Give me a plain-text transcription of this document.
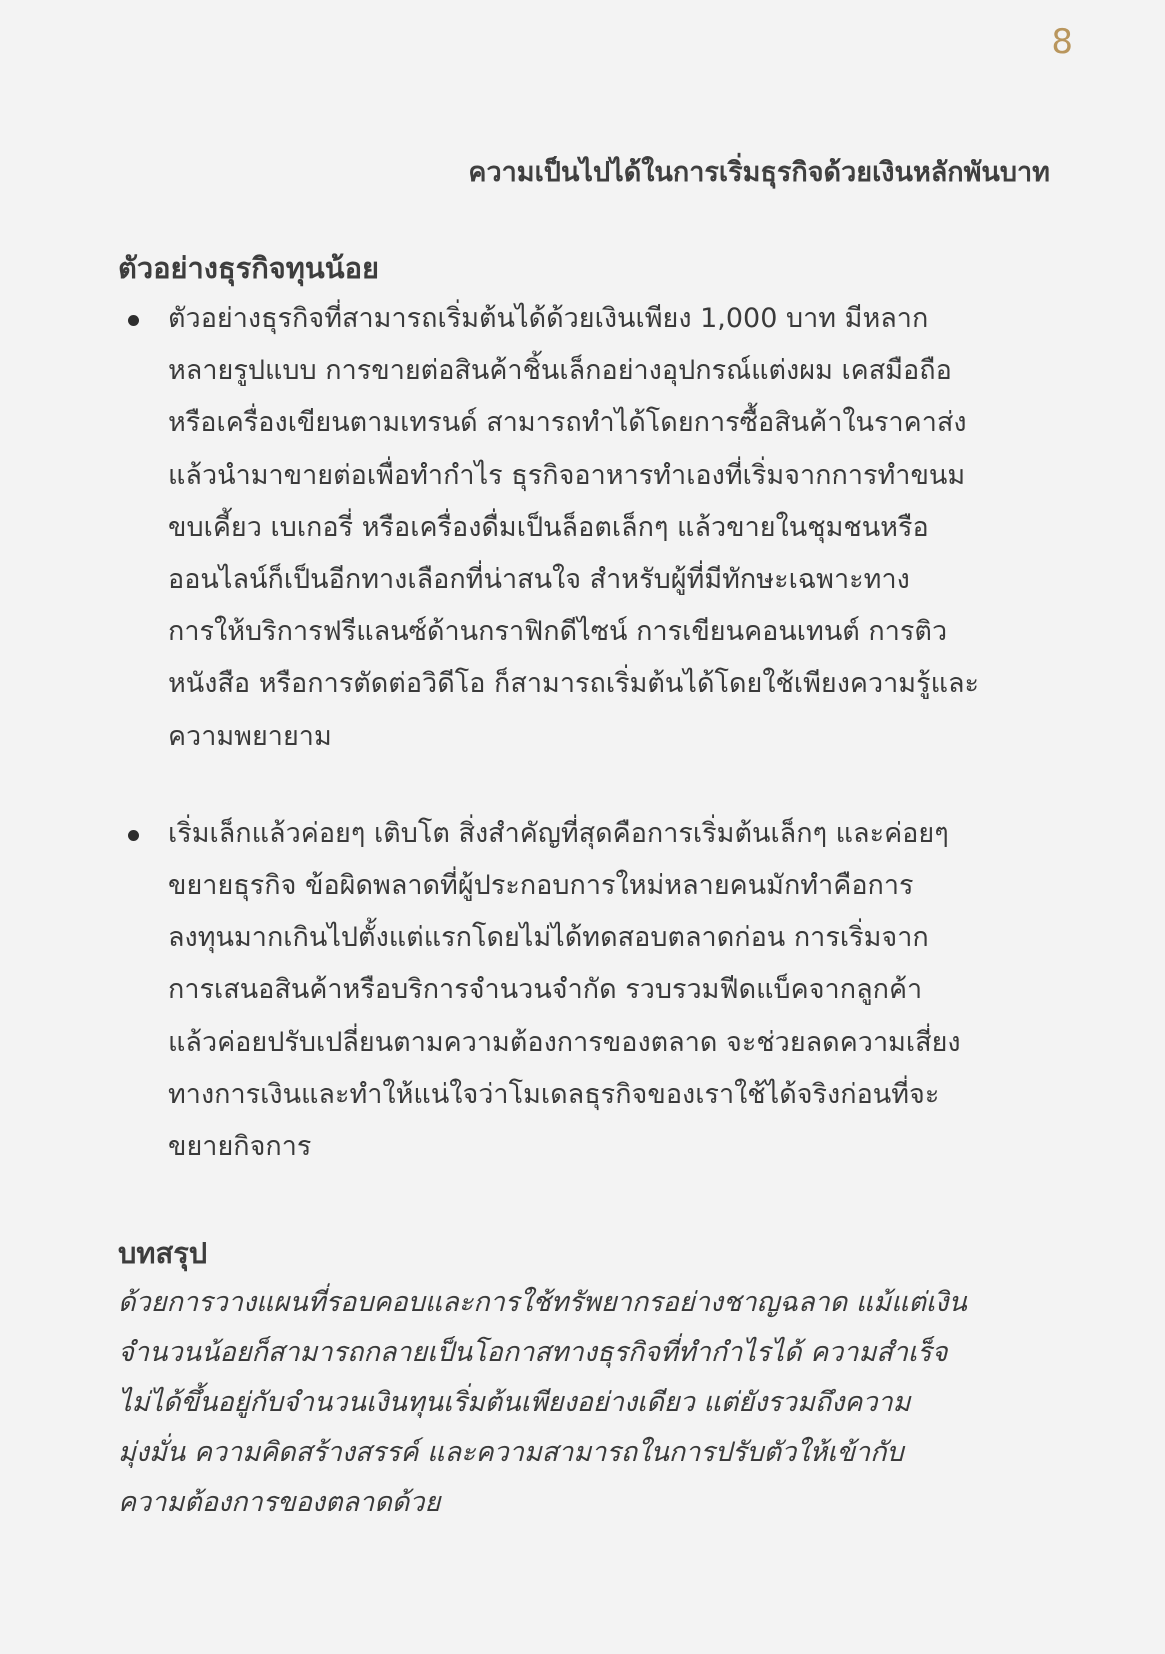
8
ความเป็นไปได้ในการเริ่มธุรกิจด้วยเงินหลักพันบาท
ตัวอย่างธุรกิจทุนน้อย
ตัวอย่างธุรกิจที่สามารถเริ่มต้นได้ด้วยเงินเพียง 1,000 บาท มีหลาก
หลายรูปแบบ การขายต่อสินค้าชิ้นเล็กอย่างอุปกรณ์แต่งผม เคสมือถือ
หรือเครื่องเขียนตามเทรนด์ สามารถทำได้โดยการซื้อสินค้าในราคาส่ง
แล้วนำมาขายต่อเพื่อทำกำไร ธุรกิจอาหารทำเองที่เริ่มจากการทำขนม
ขบเคี้ยว เบเกอรี่ หรือเครื่องดื่มเป็นล็อตเล็กๆ แล้วขายในชุมชนหรือ
ออนไลน์ก็เป็นอีกทางเลือกที่น่าสนใจ สำหรับผู้ที่มีทักษะเฉพาะทาง
การให้บริการฟรีแลนซ์ด้านกราฟิกดีไซน์ การเขียนคอนเทนต์ การติว
หนังสือ หรือการตัดต่อวิดีโอ ก็สามารถเริ่มต้นได้โดยใช้เพียงความรู้และ
ความพยายาม
เริ่มเล็กแล้วค่อยๆ เติบโต สิ่งสำคัญที่สุดคือการเริ่มต้นเล็กๆ และค่อยๆ
ขยายธุรกิจ ข้อผิดพลาดที่ผู้ประกอบการใหม่หลายคนมักทำคือการ
ลงทุนมากเกินไปตั้งแต่แรกโดยไม่ได้ทดสอบตลาดก่อน การเริ่มจาก
การเสนอสินค้าหรือบริการจำนวนจำกัด รวบรวมฟีดแบ็คจากลูกค้า
แล้วค่อยปรับเปลี่ยนตามความต้องการของตลาด จะช่วยลดความเสี่ยง
ทางการเงินและทำให้แน่ใจว่าโมเดลธุรกิจของเราใช้ได้จริงก่อนที่จะ
ขยายกิจการ
บทสรุป

ด้วยการวางแผนที่รอบคอบและการใช้ทรัพยากรอย่างชาญฉลาด แม้แต่เงิน
จำนวนน้อยก็สามารถกลายเป็นโอกาสทางธุรกิจที่ทำกำไรได้ ความสำเร็จ
ไม่ได้ขึ้นอยู่กับจำนวนเงินทุนเริ่มต้นเพียงอย่างเดียว แต่ยังรวมถึงความ
มุ่งมั่น ความคิดสร้างสรรค์ และความสามารถในการปรับตัวให้เข้ากับ
ความต้องการของตลาดด้วย
